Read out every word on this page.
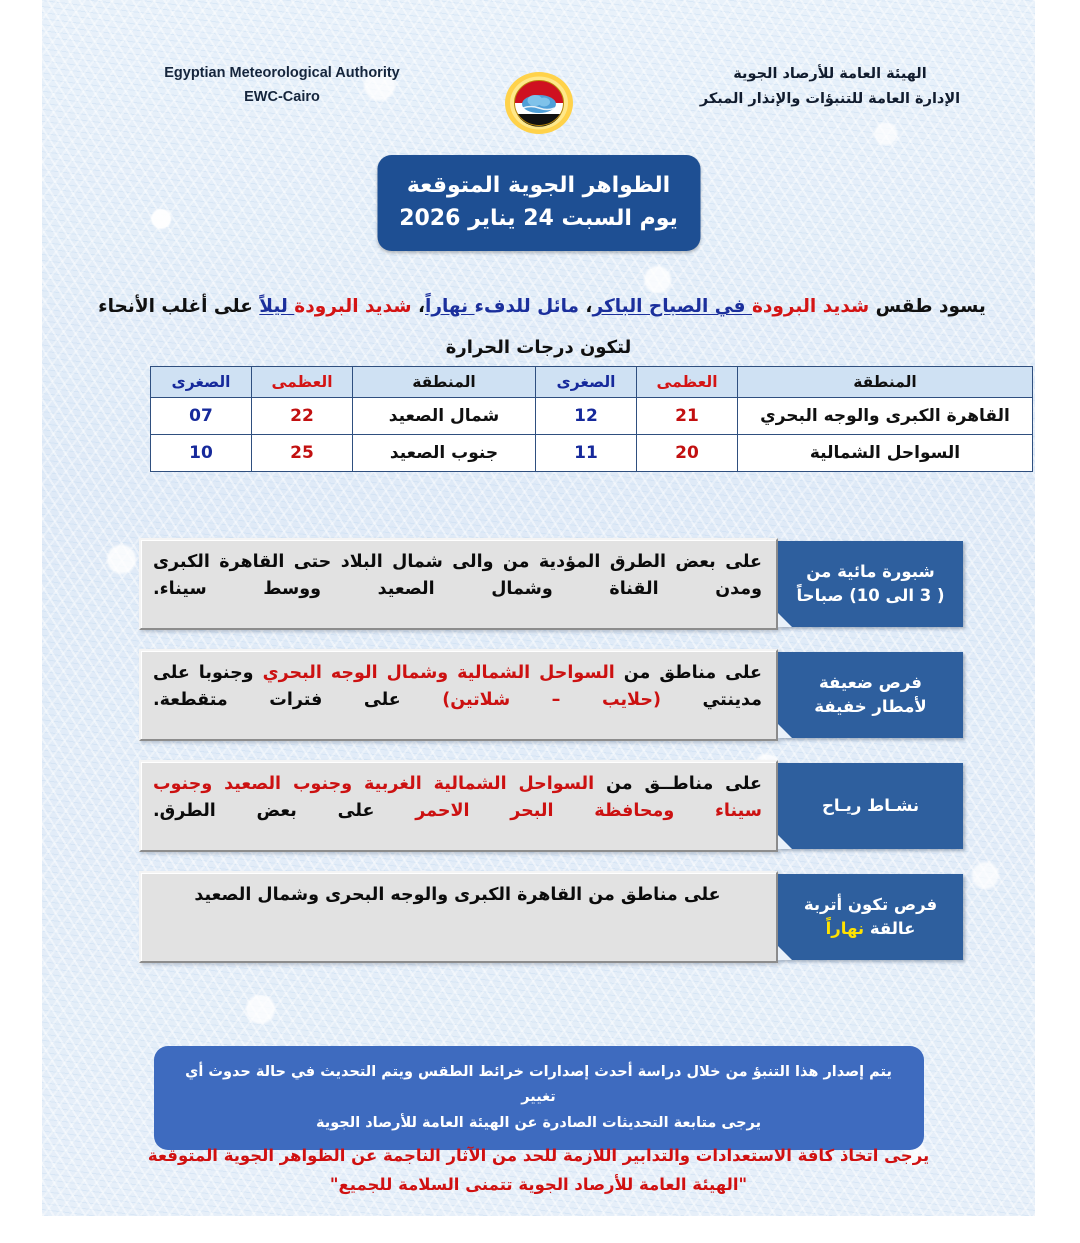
Egyptian Meteorological Authority
EWC-Cairo
الهيئة العامة للأرصاد الجوية
الإدارة العامة للتنبؤات والإنذار المبكر
الظواهر الجوية المتوقعة
يوم السبت 24 يناير 2026
يسود طقس شديد البرودة في الصباح الباكر، مائل للدفء نهاراً، شديد البرودة ليلاً على أغلب الأنحاء
لتكون درجات الحرارة
المنطقة	العظمى	الصغرى	المنطقة	العظمى	الصغرى
القاهرة الكبرى والوجه البحري	21	12	شمال الصعيد	22	07
السواحل الشمالية	20	11	جنوب الصعيد	25	10
شبورة مائية من
( 3 الى 10) صباحاً
على بعض الطرق المؤدية من والى شمال البلاد حتى القاهرة الكبرى ومدن القناة وشمال الصعيد ووسط سيناء.
فرص ضعيفة
لأمطار خفيفة
على مناطق من السواحل الشمالية وشمال الوجه البحري وجنوبا على مدينتي (حلايب – شلاتين) على فترات متقطعة.
نشـاط ريـاح
على مناطــق من السواحل الشمالية الغربية وجنوب الصعيد وجنوب سيناء ومحافظة البحر الاحمر على بعض الطرق.
فرص تكون أتربة
عالقة نهاراً
على مناطق من القاهرة الكبرى والوجه البحرى وشمال الصعيد
يتم إصدار هذا التنبؤ من خلال دراسة أحدث إصدارات خرائط الطقس ويتم التحديث في حالة حدوث أي تغيير
يرجى متابعة التحديثات الصادرة عن الهيئة العامة للأرصاد الجوية
يرجى اتخاذ كافة الاستعدادات والتدابير اللازمة للحد من الآثار الناجمة عن الظواهر الجوية المتوقعة
"الهيئة العامة للأرصاد الجوية تتمنى السلامة للجميع"
